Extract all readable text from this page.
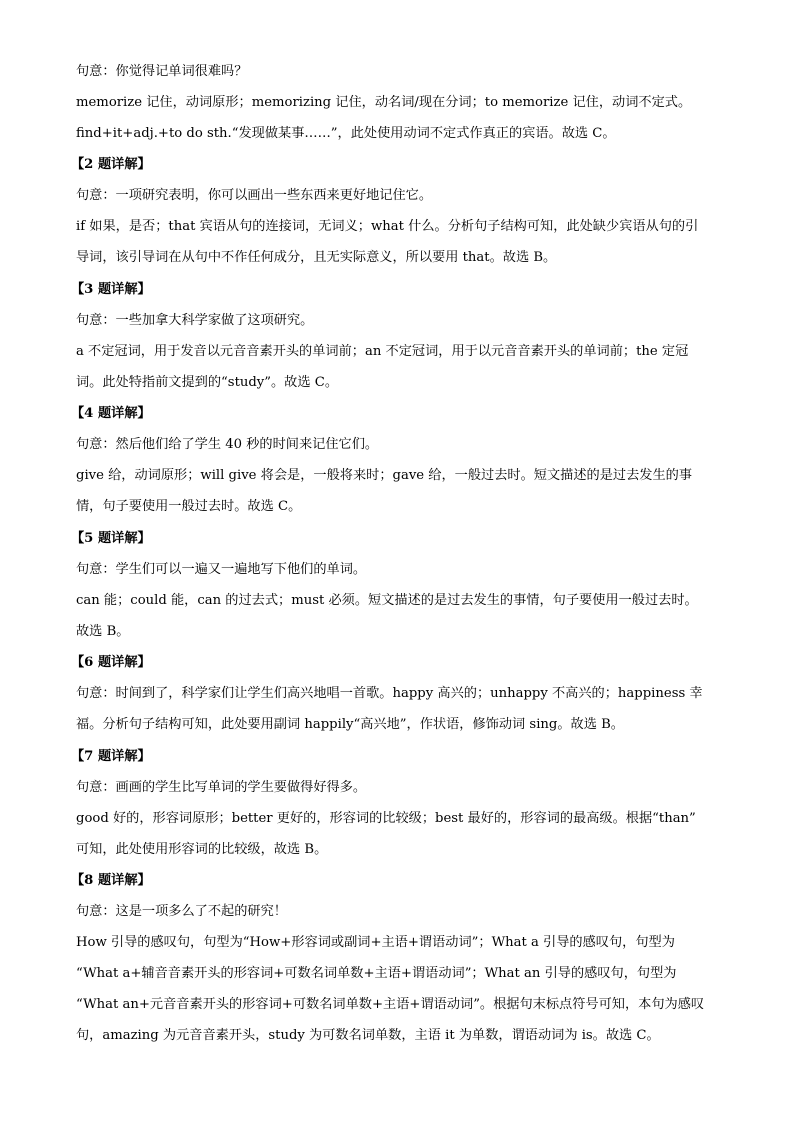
句意：你觉得记单词很难吗？
memorize 记住，动词原形；memorizing 记住，动名词/现在分词；to memorize 记住，动词不定式。
find+it+adj.+to do sth.“发现做某事……”，此处使用动词不定式作真正的宾语。故选 C。
【2 题详解】
句意：一项研究表明，你可以画出一些东西来更好地记住它。
if 如果，是否；that 宾语从句的连接词，无词义；what 什么。分析句子结构可知，此处缺少宾语从句的引
导词，该引导词在从句中不作任何成分，且无实际意义，所以要用 that。故选 B。
【3 题详解】
句意：一些加拿大科学家做了这项研究。
a 不定冠词，用于发音以元音音素开头的单词前；an 不定冠词，用于以元音音素开头的单词前；the 定冠
词。此处特指前文提到的“study”。故选 C。
【4 题详解】
句意：然后他们给了学生 40 秒的时间来记住它们。
give 给，动词原形；will give 将会是，一般将来时；gave 给，一般过去时。短文描述的是过去发生的事
情，句子要使用一般过去时。故选 C。
【5 题详解】
句意：学生们可以一遍又一遍地写下他们的单词。
can 能；could 能，can 的过去式；must 必须。短文描述的是过去发生的事情，句子要使用一般过去时。
故选 B。
【6 题详解】
句意：时间到了，科学家们让学生们高兴地唱一首歌。happy 高兴的；unhappy 不高兴的；happiness 幸
福。分析句子结构可知，此处要用副词 happily“高兴地”，作状语，修饰动词 sing。故选 B。
【7 题详解】
句意：画画的学生比写单词的学生要做得好得多。
good 好的，形容词原形；better 更好的，形容词的比较级；best 最好的，形容词的最高级。根据“than”
可知，此处使用形容词的比较级，故选 B。
【8 题详解】
句意：这是一项多么了不起的研究！
How 引导的感叹句，句型为“How+形容词或副词+主语+谓语动词”；What a 引导的感叹句，句型为
“What a+辅音音素开头的形容词+可数名词单数+主语+谓语动词”；What an 引导的感叹句，句型为
“What an+元音音素开头的形容词+可数名词单数+主语+谓语动词”。根据句末标点符号可知，本句为感叹
句，amazing 为元音音素开头，study 为可数名词单数，主语 it 为单数，谓语动词为 is。故选 C。
